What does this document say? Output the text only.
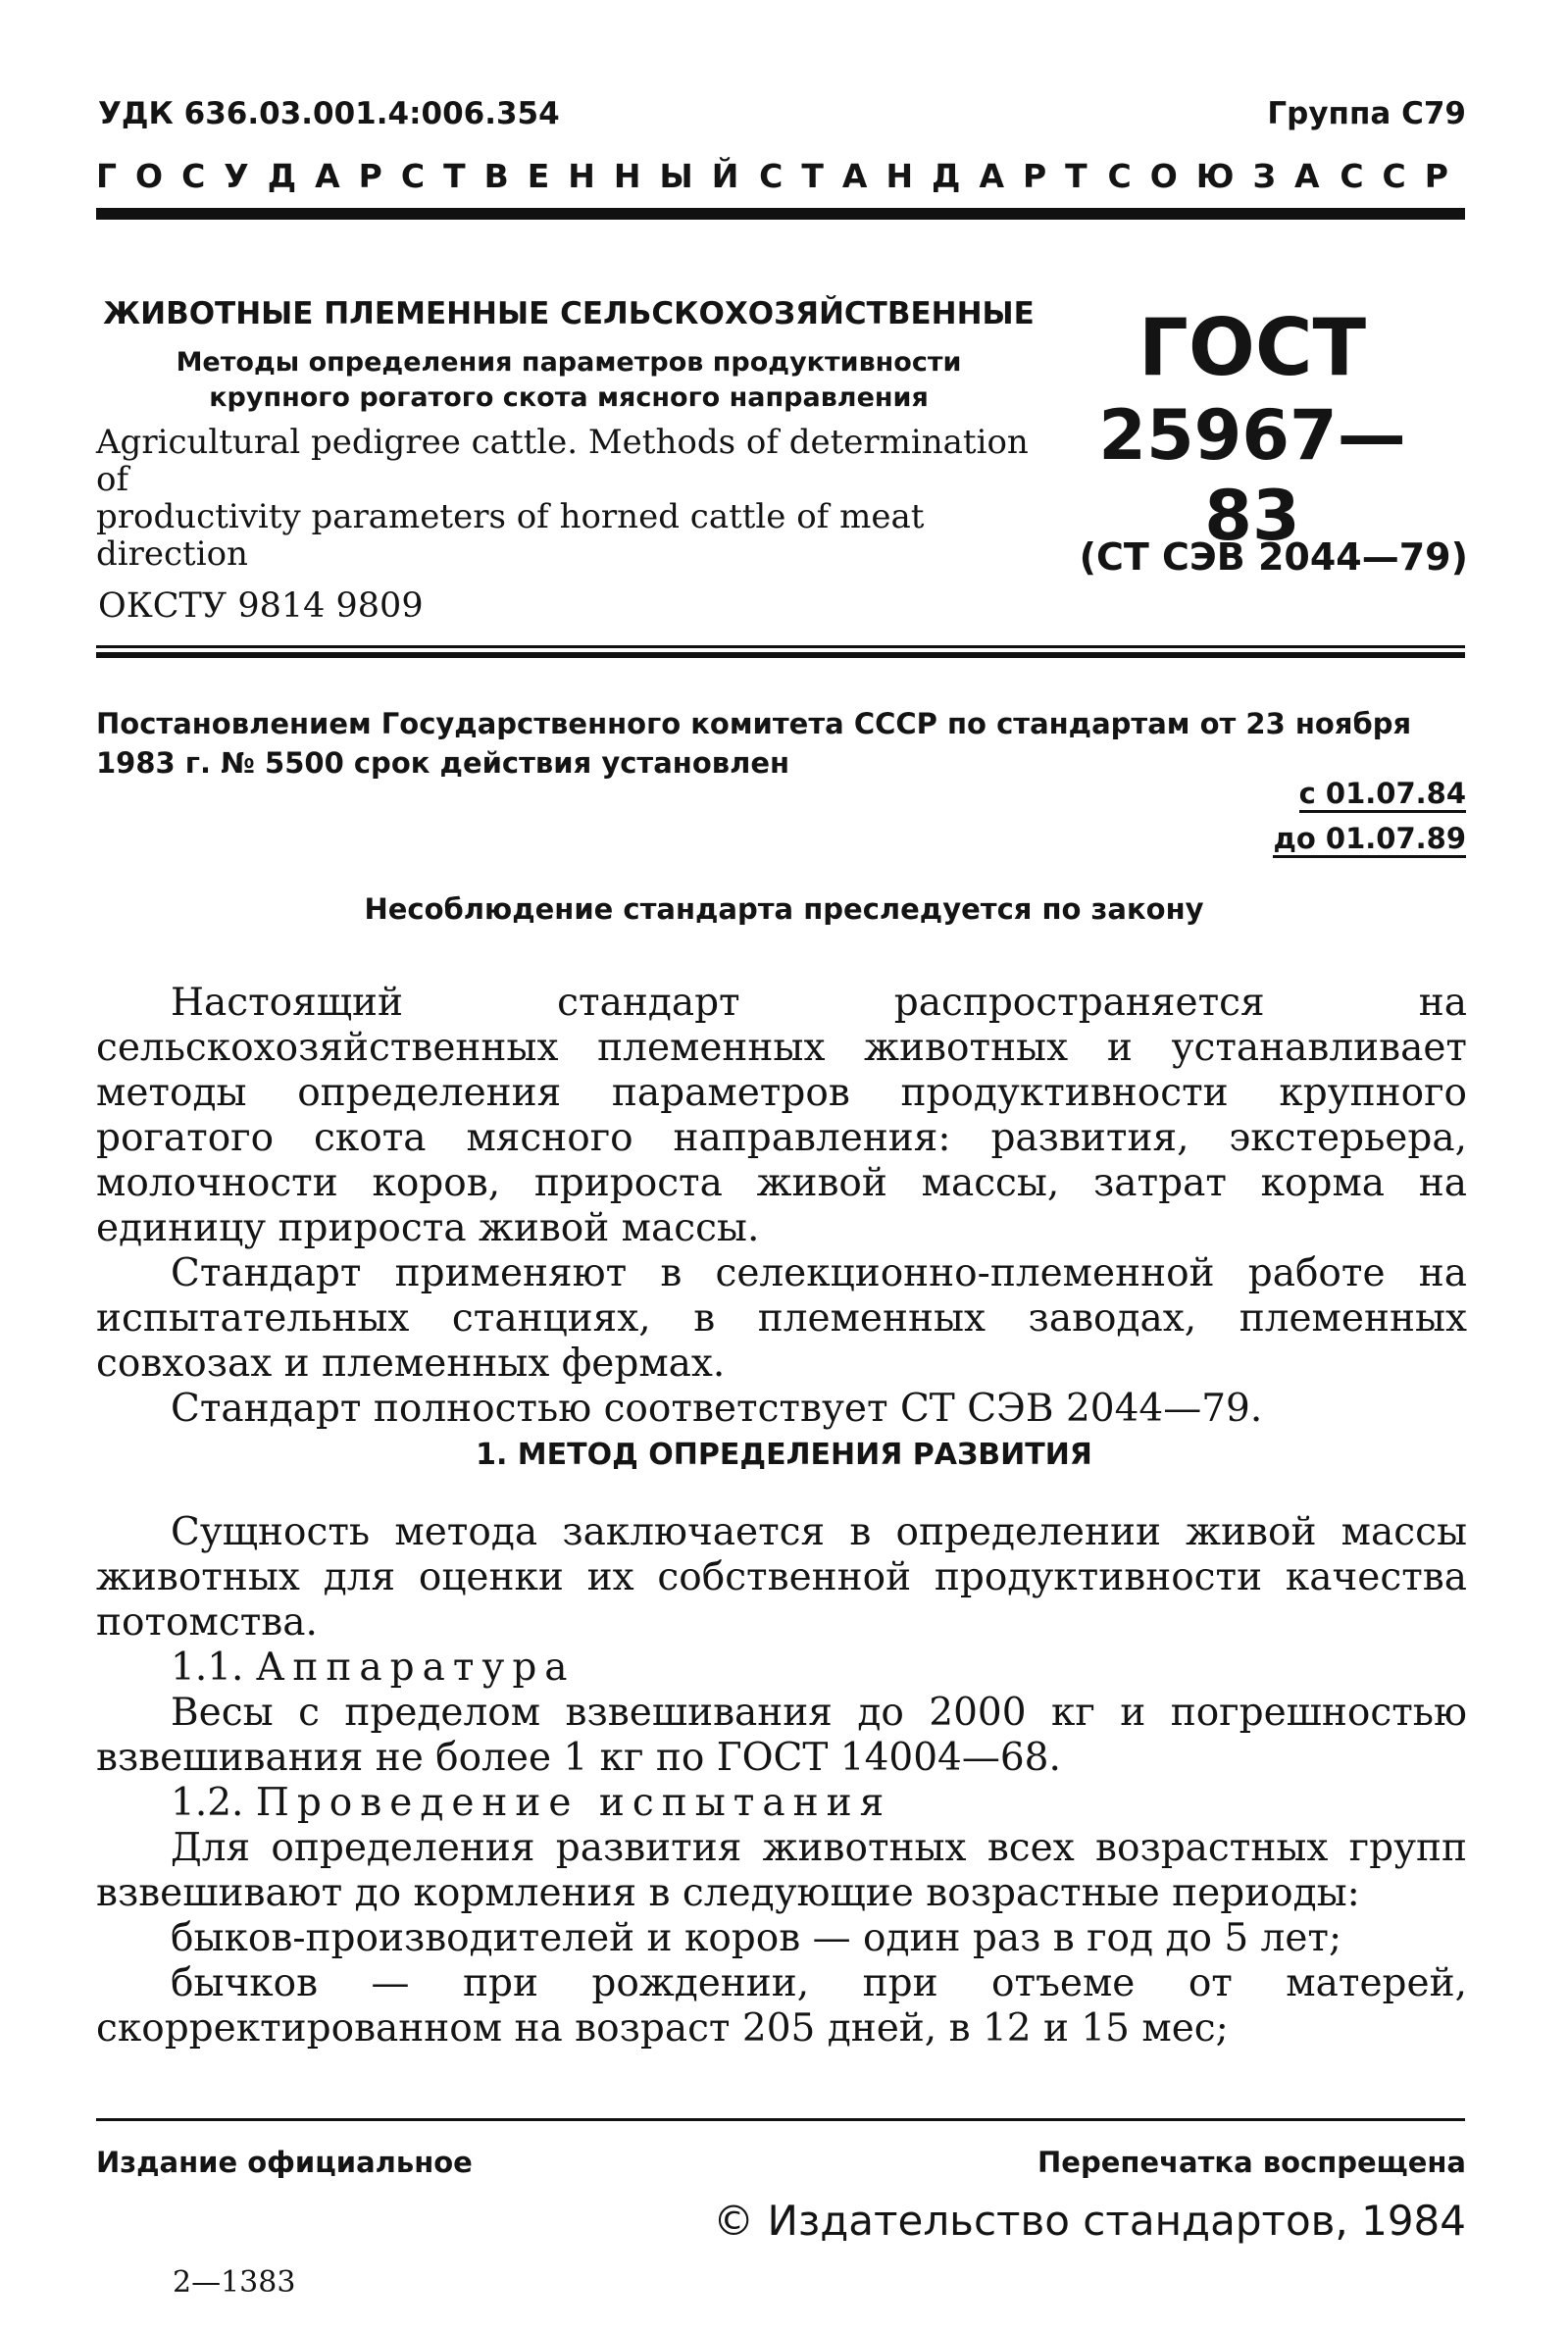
УДК 636.03.001.4:006.354	Группа С79
ГОСУДАРСТВЕННЫЙ СТАНДАРТ СОЮЗА ССР
ЖИВОТНЫЕ ПЛЕМЕННЫЕ СЕЛЬСКОХОЗЯЙСТВЕННЫЕ
Методы определения параметров продуктивности
крупного рогатого скота мясного направления
Agricultural pedigree cattle. Methods of determination of
productivity parameters of horned cattle of meat direction
ГОСТ
25967—83
(СТ СЭВ 2044—79)
ОКСТУ 9814 9809
Постановлением Государственного комитета СССР по стандартам от 23 ноября
1983 г. № 5500 срок действия установлен
с 01.07.84
до 01.07.89
Несоблюдение стандарта преследуется по закону

Настоящий стандарт распространяется на сельскохозяйственных племенных животных и устанавливает методы определения параметров продуктивности крупного рогатого скота мясного направления: развития, экстерьера, молочности коров, прироста живой массы, затрат корма на единицу прироста живой массы.

Стандарт применяют в селекционно-племенной работе на испытательных станциях, в племенных заводах, племенных совхозах и племенных фермах.

Стандарт полностью соответствует СТ СЭВ 2044—79.

1. МЕТОД ОПРЕДЕЛЕНИЯ РАЗВИТИЯ

Сущность метода заключается в определении живой массы животных для оценки их собственной продуктивности качества потомства.

1.1. Аппаратура

Весы с пределом взвешивания до 2000 кг и погрешностью взвешивания не более 1 кг по ГОСТ 14004—68.

1.2. Проведение испытания

Для определения развития животных всех возрастных групп взвешивают до кормления в следующие возрастные периоды:

быков-производителей и коров — один раз в год до 5 лет;

бычков — при рождении, при отъеме от матерей, скорректированном на возраст 205 дней, в 12 и 15 мес;

Издание официальное	Перепечатка воспрещена
© Издательство стандартов, 1984
2—1383
